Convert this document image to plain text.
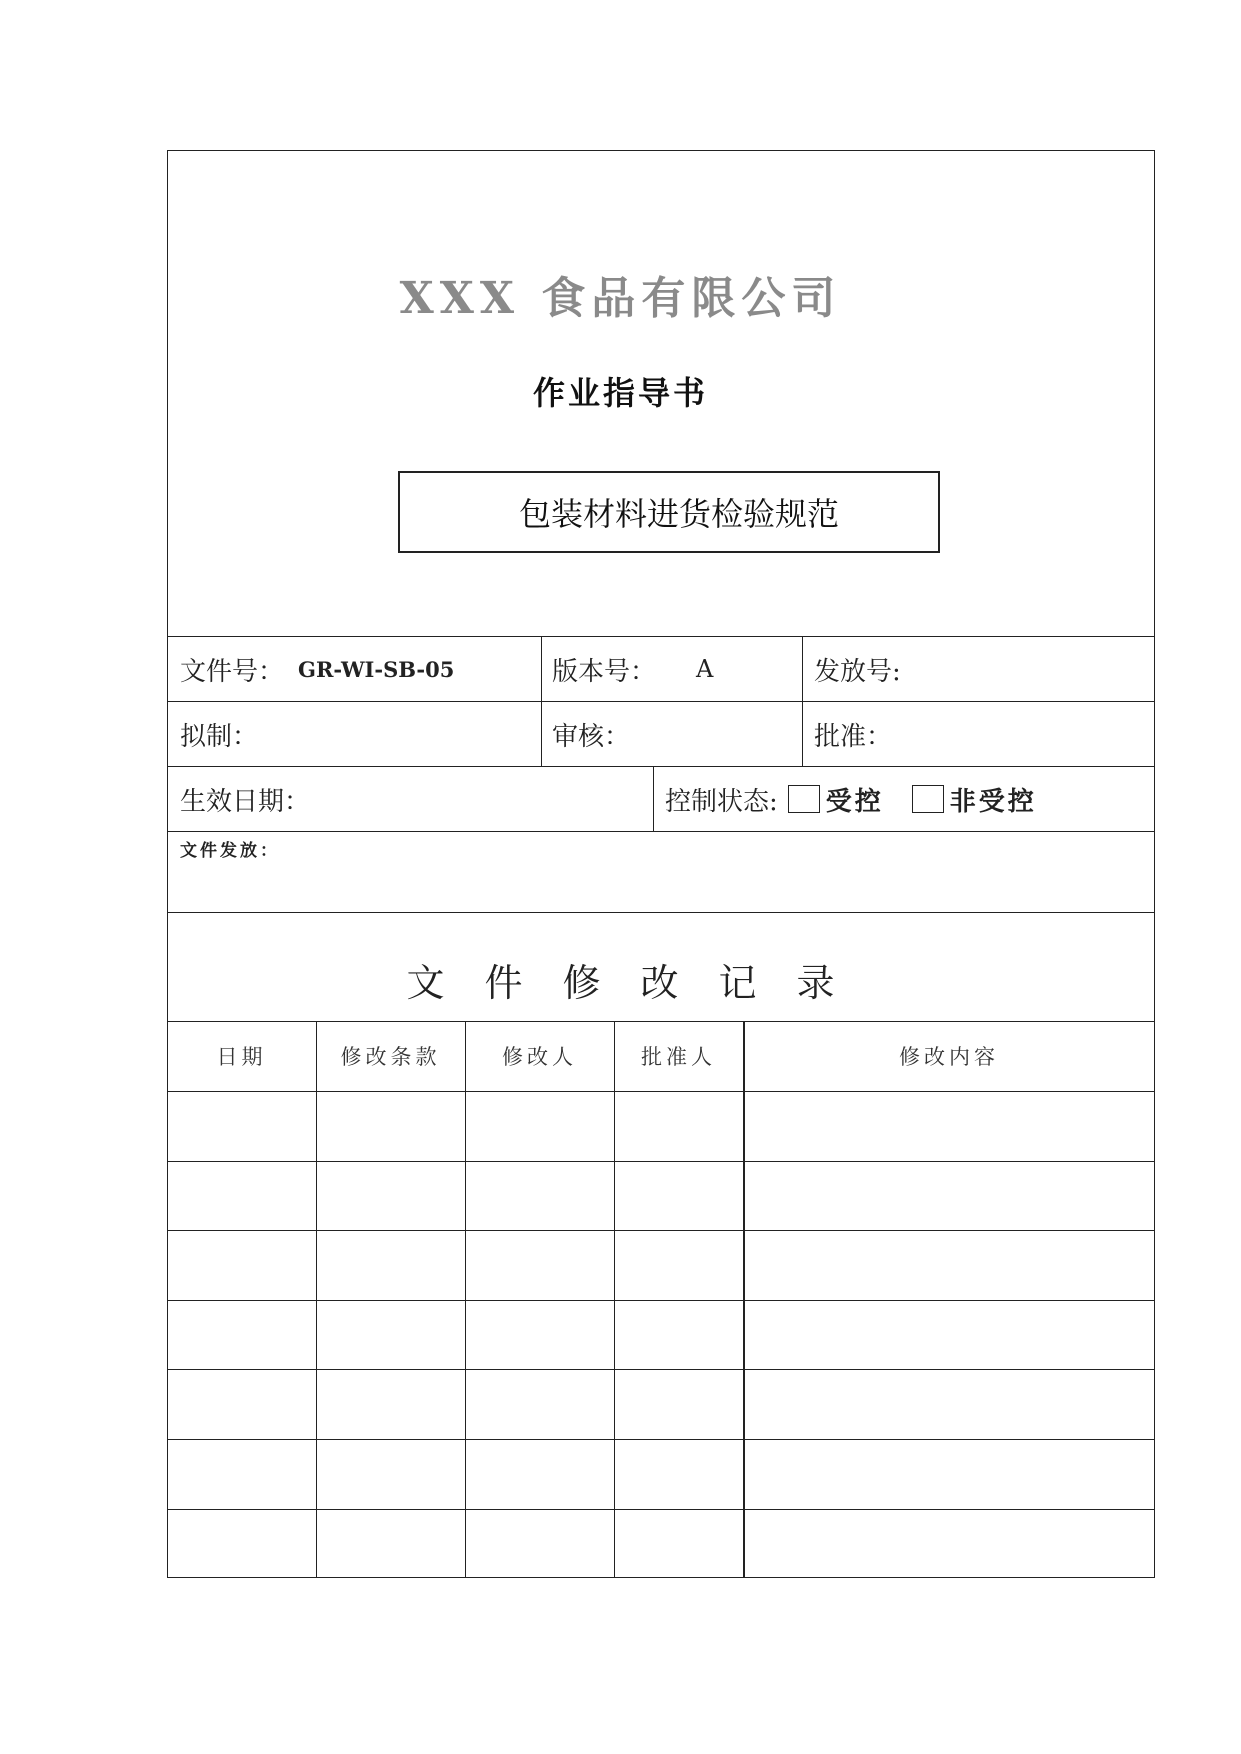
XXX 食品有限公司
作业指导书
包装材料进货检验规范
文件号： GR-WI-SB-05	版本号： A	发放号:
拟制：	审核：	批准：
生效日期：	控制状态: 受控	非受控
文件发放：
文件修改记录
日期	修改条款	修改人	批准人	修改内容
